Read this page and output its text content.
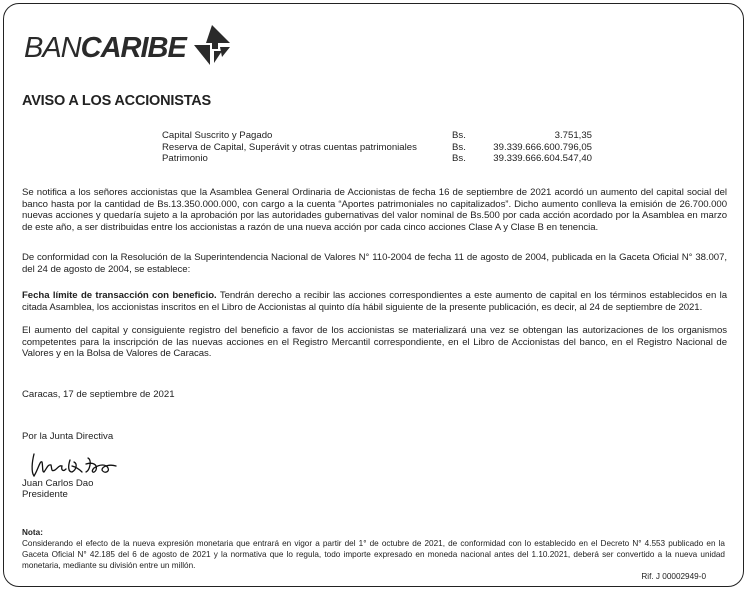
BANCARIBE
AVISO A LOS ACCIONISTAS
Capital Suscrito y Pagado	Bs.	3.751,35
Reserva de Capital, Superávit y otras cuentas patrimoniales	Bs.	39.339.666.600.796,05
Patrimonio	Bs.	39.339.666.604.547,40
Se notifica a los señores accionistas que la Asamblea General Ordinaria de Accionistas de fecha 16 de septiembre de 2021 acordó un aumento del capital social del banco hasta por la cantidad de Bs.13.350.000.000, con cargo a la cuenta “Aportes patrimoniales no capitalizados”. Dicho aumento conlleva la emisión de 26.700.000 nuevas acciones y quedaría sujeto a la aprobación por las autoridades gubernativas del valor nominal de Bs.500 por cada acción acordado por la Asamblea en marzo de este año, a ser distribuidas entre los accionistas a razón de una nueva acción por cada cinco acciones Clase A y Clase B en tenencia.
De conformidad con la Resolución de la Superintendencia Nacional de Valores N° 110-2004 de fecha 11 de agosto de 2004, publicada en la Gaceta Oficial N° 38.007, del 24 de agosto de 2004, se establece:
Fecha límite de transacción con beneficio. Tendrán derecho a recibir las acciones correspondientes a este aumento de capital en los términos establecidos en la citada Asamblea, los accionistas inscritos en el Libro de Accionistas al quinto día hábil siguiente de la presente publicación, es decir, al 24 de septiembre de 2021.
El aumento del capital y consiguiente registro del beneficio a favor de los accionistas se materializará una vez se obtengan las autorizaciones de los organismos competentes para la inscripción de las nuevas acciones en el Registro Mercantil correspondiente, en el Libro de Accionistas del banco, en el Registro Nacional de Valores y en la Bolsa de Valores de Caracas.
Caracas, 17 de septiembre de 2021
Por la Junta Directiva
Juan Carlos Dao
Presidente
Nota:
Considerando el efecto de la nueva expresión monetaria que entrará en vigor a partir del 1° de octubre de 2021, de conformidad con lo establecido en el Decreto N° 4.553 publicado en la Gaceta Oficial N° 42.185 del 6 de agosto de 2021 y la normativa que lo regula, todo importe expresado en moneda nacional antes del 1.10.2021, deberá ser convertido a la nueva unidad monetaria, mediante su división entre un millón.
Rif. J 00002949-0
